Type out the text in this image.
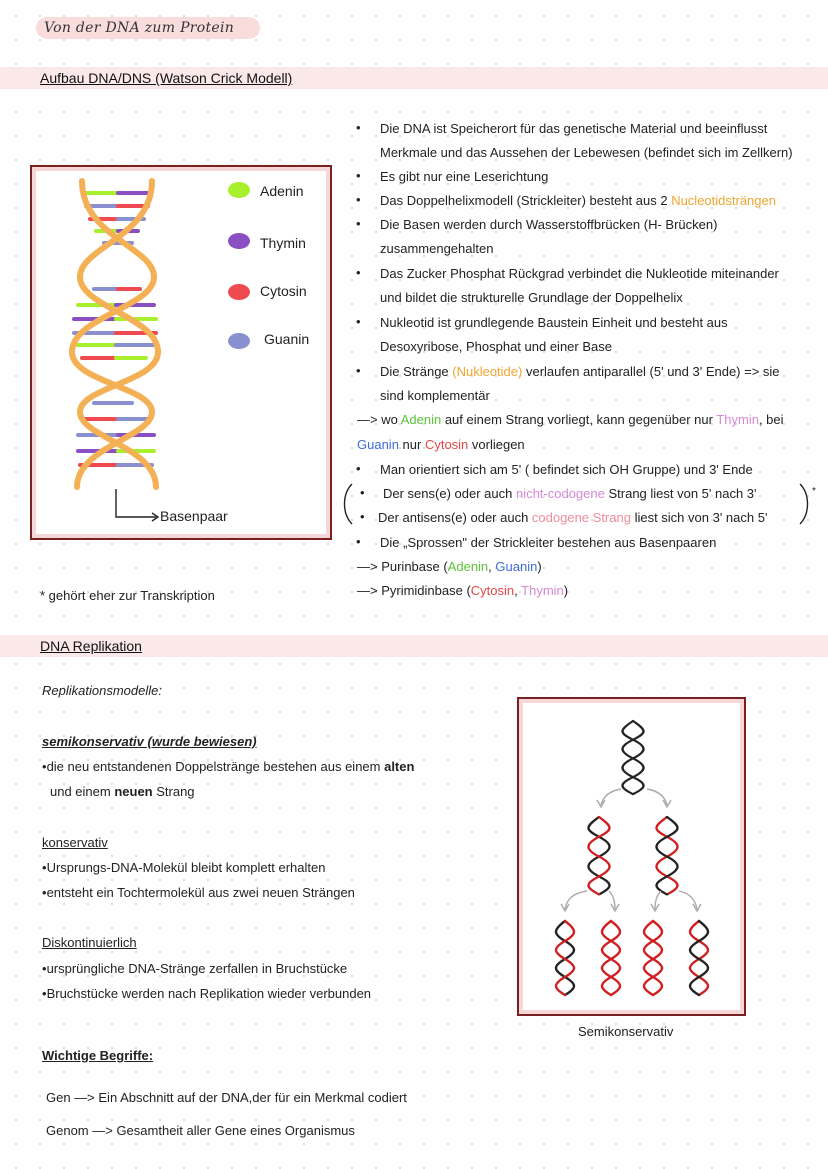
Von der DNA zum Protein
Aufbau DNA/DNS (Watson Crick Modell)
Adenin
Thymin
Cytosin
Guanin
Basenpaar
* gehört eher zur Transkription
• Die DNA ist Speicherort für das genetische Material und beeinflusst
Merkmale und das Aussehen der Lebewesen (befindet sich im Zellkern)
• Es gibt nur eine Leserichtung
• Das Doppelhelixmodell (Strickleiter) besteht aus 2 Nucleotidsträngen
• Die Basen werden durch Wasserstoffbrücken (H- Brücken)
zusammengehalten
• Das Zucker Phosphat Rückgrad verbindet die Nukleotide miteinander
und bildet die strukturelle Grundlage der Doppelhelix
• Nukleotid ist grundlegende Baustein Einheit und besteht aus
Desoxyribose, Phosphat und einer Base
• Die Stränge (Nukleotide) verlaufen antiparallel (5' und 3' Ende) => sie
sind komplementär
—> wo Adenin auf einem Strang vorliegt, kann gegenüber nur Thymin, bei
Guanin nur Cytosin vorliegen
• Man orientiert sich am 5' ( befindet sich OH Gruppe) und 3' Ende
• Der sens(e) oder auch nicht-codogene Strang liest von 5' nach 3'
• Der antisens(e) oder auch codogene Strang liest sich von 3' nach 5'
*
• Die „Sprossen" der Strickleiter bestehen aus Basenpaaren
—> Purinbase (Adenin, Guanin)
—> Pyrimidinbase (Cytosin, Thymin)
DNA Replikation
Replikationsmodelle:
semikonservativ (wurde bewiesen)
•die neu entstandenen Doppelstränge bestehen aus einem alten
und einem neuen Strang
konservativ
•Ursprungs-DNA-Molekül bleibt komplett erhalten
•entsteht ein Tochtermolekül aus zwei neuen Strängen
Diskontinuierlich
•ursprüngliche DNA-Stränge zerfallen in Bruchstücke
•Bruchstücke werden nach Replikation wieder verbunden
Semikonservativ
Wichtige Begriffe:
Gen —> Ein Abschnitt auf der DNA,der für ein Merkmal codiert
Genom —> Gesamtheit aller Gene eines Organismus
